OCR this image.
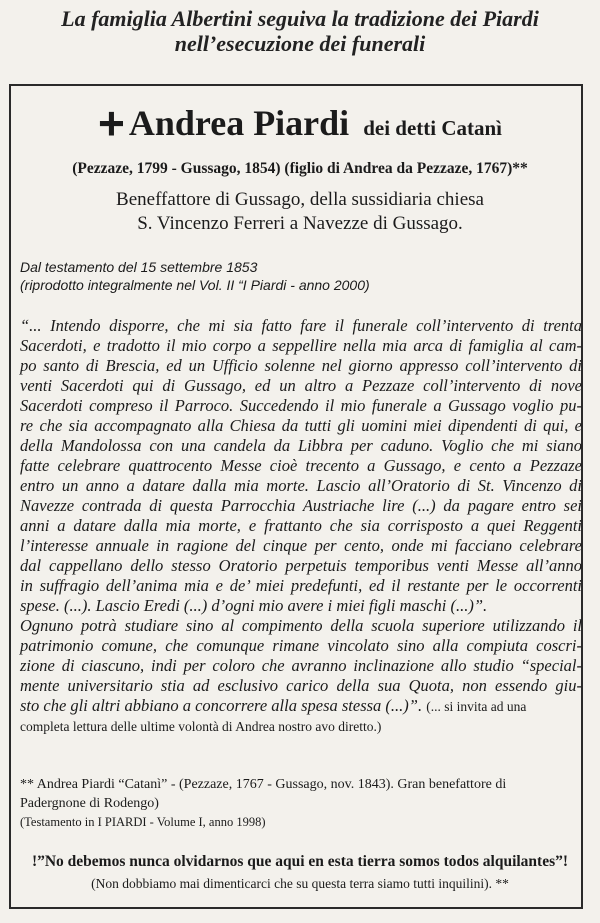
La famiglia Albertini seguiva la tradizione dei Piardi
nell’esecuzione dei funerali
+ Andrea Piardi dei detti Catanì
(Pezzaze, 1799 - Gussago, 1854) (figlio di Andrea da Pezzaze, 1767)**
Beneffattore di Gussago, della sussidiaria chiesa
S. Vincenzo Ferreri a Navezze di Gussago.
Dal testamento del 15 settembre 1853
(riprodotto integralmente nel Vol. II “I Piardi - anno 2000)
“... Intendo disporre, che mi sia fatto fare il funerale coll’intervento di trenta
Sacerdoti, e tradotto il mio corpo a seppellire nella mia arca di famiglia al cam-
po santo di Brescia, ed un Ufficio solenne nel giorno appresso coll’intervento di
venti Sacerdoti qui di Gussago, ed un altro a Pezzaze coll’intervento di nove
Sacerdoti compreso il Parroco. Succedendo il mio funerale a Gussago voglio pu-
re che sia accompagnato alla Chiesa da tutti gli uomini miei dipendenti di qui, e
della Mandolossa con una candela da Libbra per caduno. Voglio che mi siano
fatte celebrare quattrocento Messe cioè trecento a Gussago, e cento a Pezzaze
entro un anno a datare dalla mia morte. Lascio all’Oratorio di St. Vincenzo di
Navezze contrada di questa Parrocchia Austriache lire (...) da pagare entro sei
anni a datare dalla mia morte, e frattanto che sia corrisposto a quei Reggenti
l’interesse annuale in ragione del cinque per cento, onde mi facciano celebrare
dal cappellano dello stesso Oratorio perpetuis temporibus venti Messe all’anno
in suffragio dell’anima mia e de’ miei predefunti, ed il restante per le occorrenti
spese. (...). Lascio Eredi (...) d’ogni mio avere i miei figli maschi (...)”.
Ognuno potrà studiare sino al compimento della scuola superiore utilizzando il
patrimonio comune, che comunque rimane vincolato sino alla compiuta coscri-
zione di ciascuno, indi per coloro che avranno inclinazione allo studio “special-
mente universitario stia ad esclusivo carico della sua Quota, non essendo giu-
sto che gli altri abbiano a concorrere alla spesa stessa (...)”. (... si invita ad una
completa lettura delle ultime volontà di Andrea nostro avo diretto.)
** Andrea Piardi “Catanì” - (Pezzaze, 1767 - Gussago, nov. 1843). Gran benefattore di
Padergnone di Rodengo)
(Testamento in I PIARDI - Volume I, anno 1998)
!”No debemos nunca olvidarnos que aqui en esta tierra somos todos alquilantes”!
(Non dobbiamo mai dimenticarci che su questa terra siamo tutti inquilini). **
